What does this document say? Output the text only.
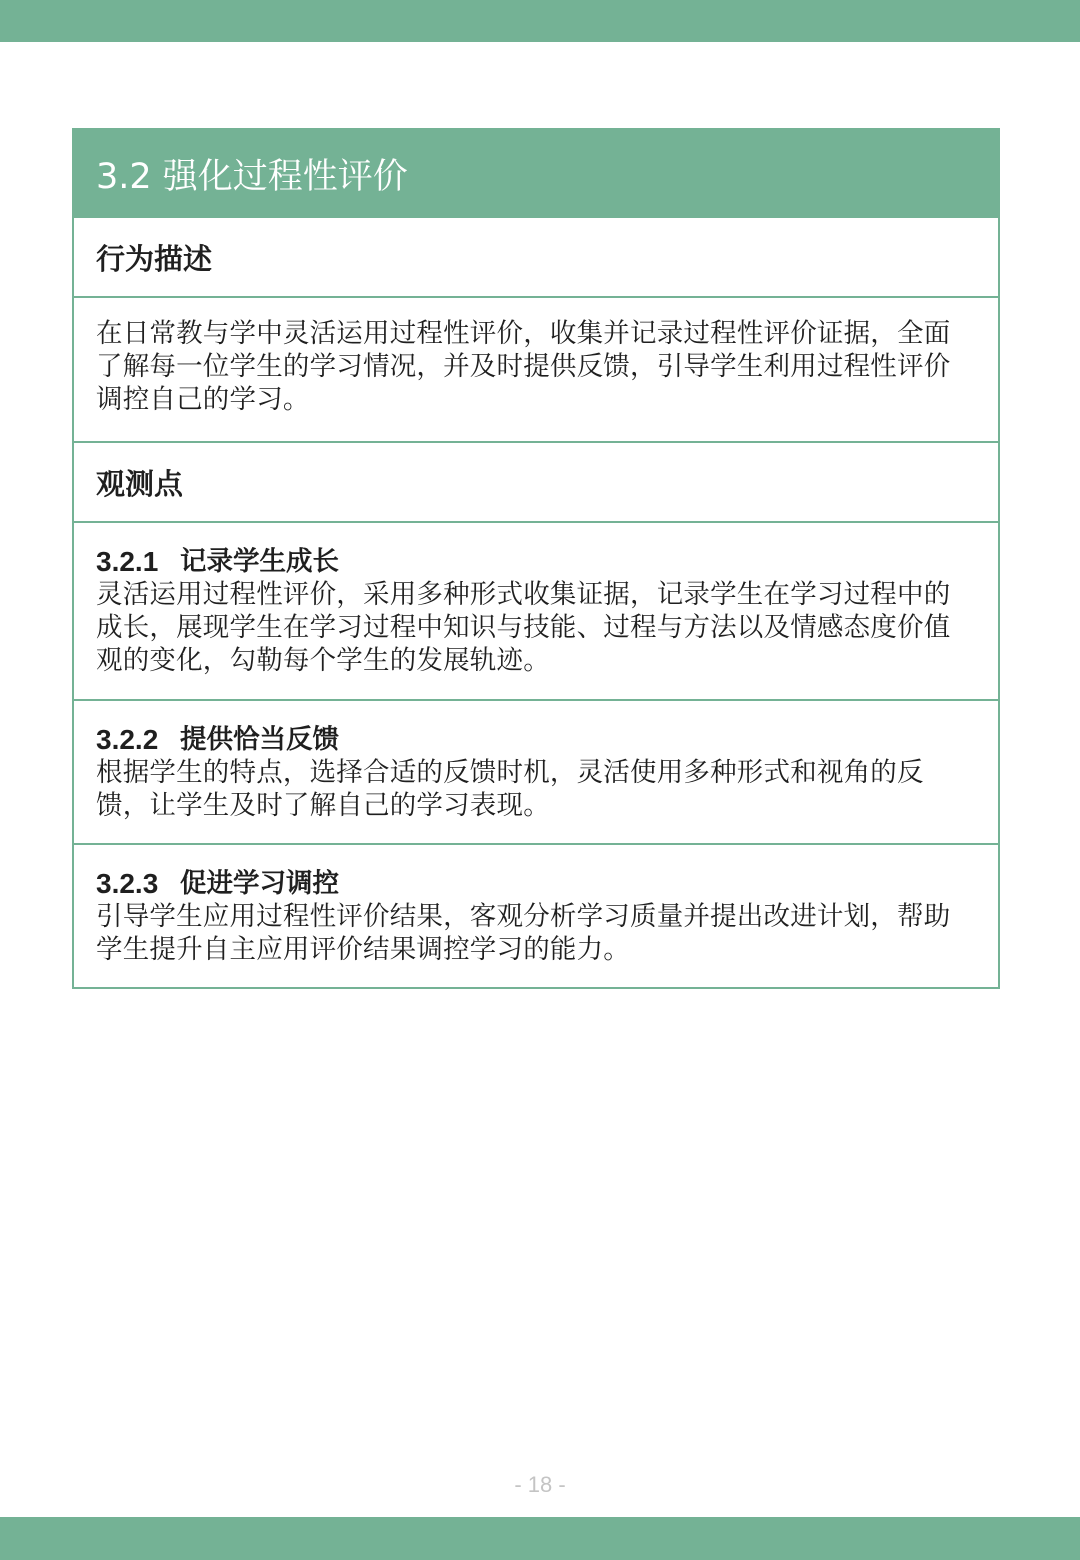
3.2 强化过程性评价
行为描述
在日常教与学中灵活运用过程性评价，收集并记录过程性评价证据，全面了解每一位学生的学习情况，并及时提供反馈，引导学生利用过程性评价调控自己的学习。
观测点
3.2.1 记录学生成长
灵活运用过程性评价，采用多种形式收集证据，记录学生在学习过程中的成长，展现学生在学习过程中知识与技能、过程与方法以及情感态度价值观的变化，勾勒每个学生的发展轨迹。
3.2.2 提供恰当反馈
根据学生的特点，选择合适的反馈时机，灵活使用多种形式和视角的反馈，让学生及时了解自己的学习表现。
3.2.3 促进学习调控
引导学生应用过程性评价结果，客观分析学习质量并提出改进计划，帮助学生提升自主应用评价结果调控学习的能力。
- 18 -
